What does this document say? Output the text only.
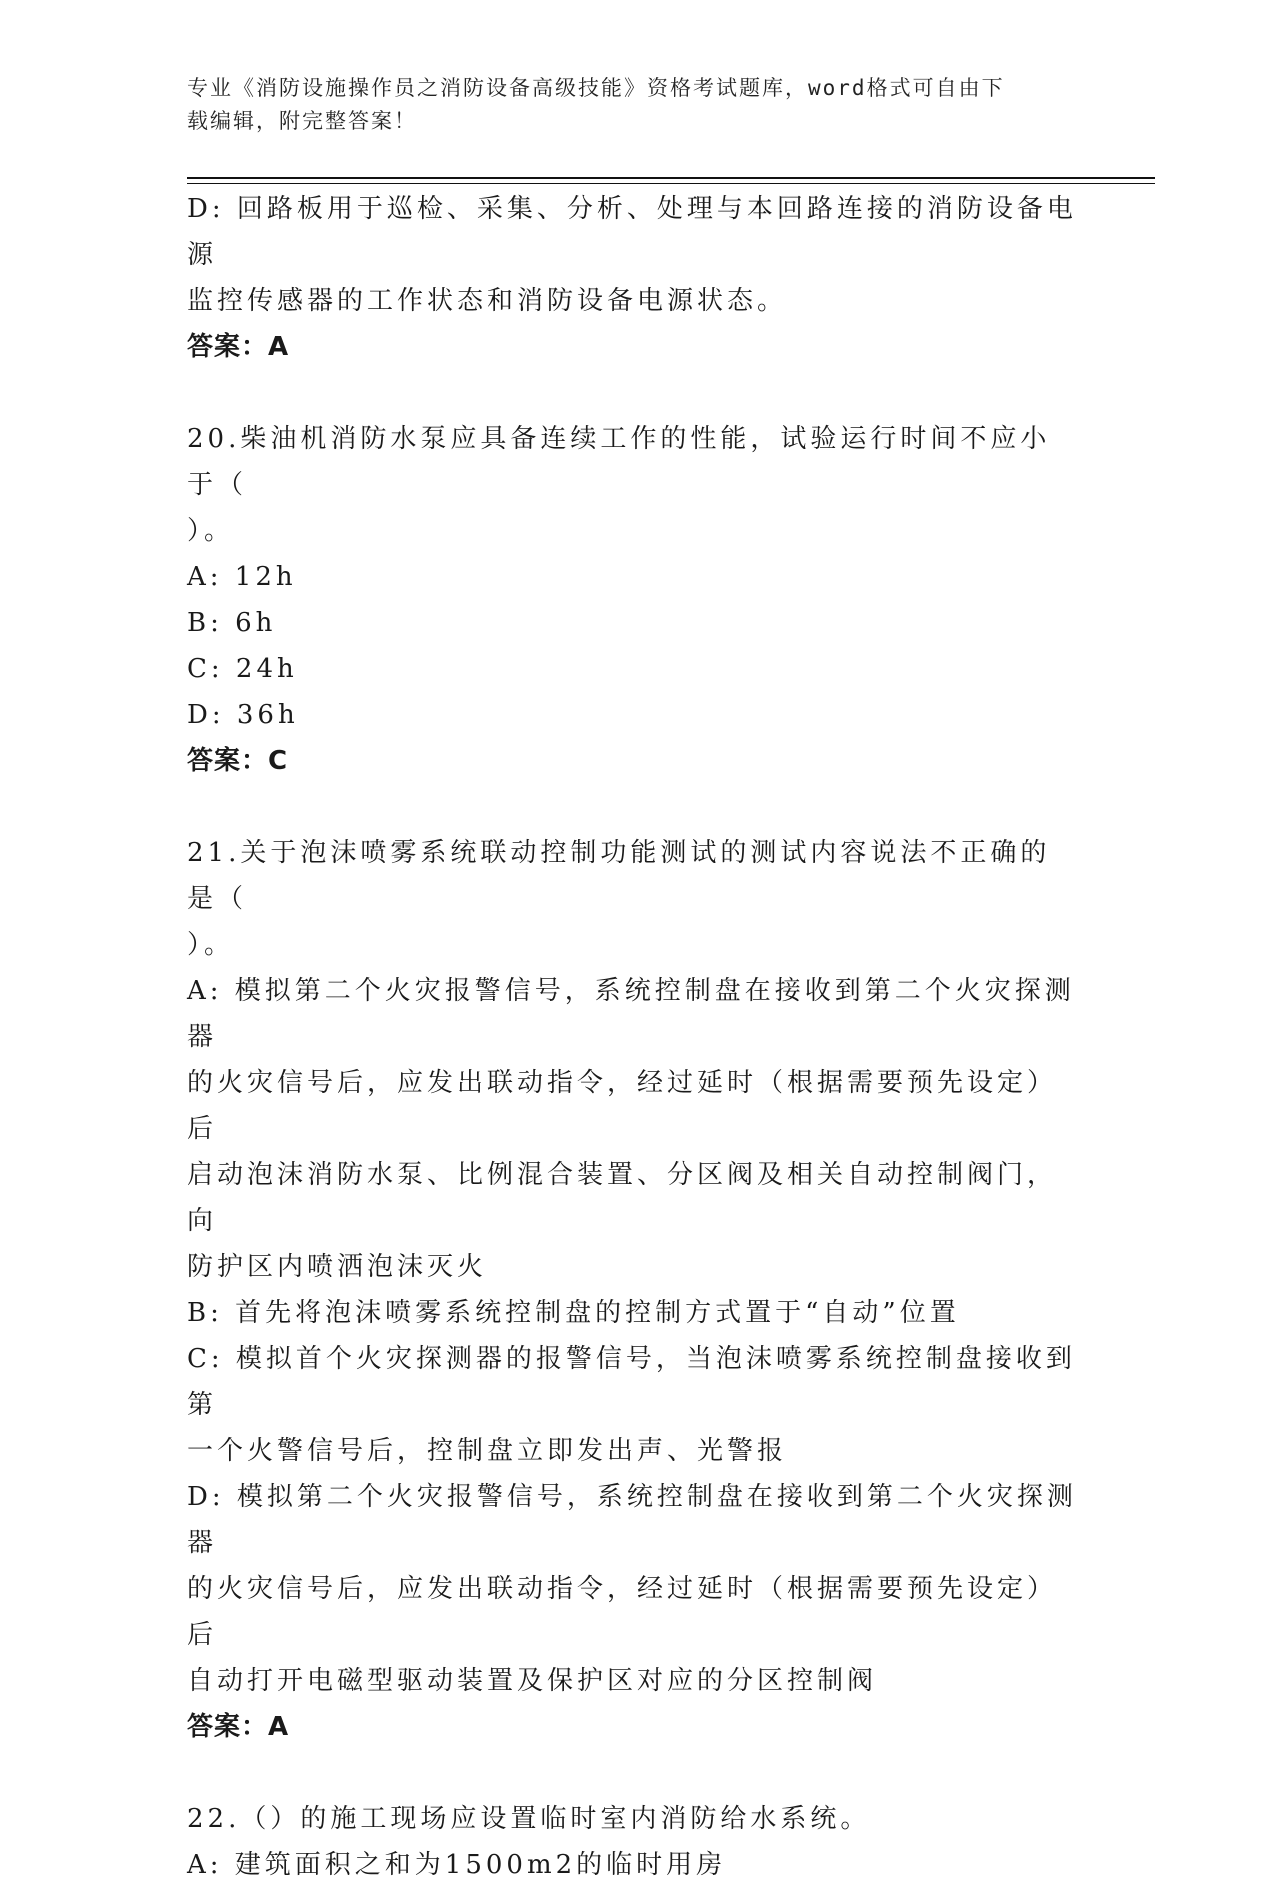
专业《消防设施操作员之消防设备高级技能》资格考试题库，word格式可自由下
载编辑，附完整答案！
D: 回路板用于巡检、采集、分析、处理与本回路连接的消防设备电源
监控传感器的工作状态和消防设备电源状态。
答案：A
20.柴油机消防水泵应具备连续工作的性能，试验运行时间不应小于（
）。
A: 12h
B: 6h
C: 24h
D: 36h
答案：C
21.关于泡沫喷雾系统联动控制功能测试的测试内容说法不正确的是（
）。
A: 模拟第二个火灾报警信号，系统控制盘在接收到第二个火灾探测器
的火灾信号后，应发出联动指令，经过延时（根据需要预先设定）后
启动泡沫消防水泵、比例混合装置、分区阀及相关自动控制阀门，向
防护区内喷洒泡沫灭火
B: 首先将泡沫喷雾系统控制盘的控制方式置于“自动”位置
C: 模拟首个火灾探测器的报警信号，当泡沫喷雾系统控制盘接收到第
一个火警信号后，控制盘立即发出声、光警报
D: 模拟第二个火灾报警信号，系统控制盘在接收到第二个火灾探测器
的火灾信号后，应发出联动指令，经过延时（根据需要预先设定）后
自动打开电磁型驱动装置及保护区对应的分区控制阀
答案：A
22.（）的施工现场应设置临时室内消防给水系统。
A: 建筑面积之和为1500m2的临时用房
